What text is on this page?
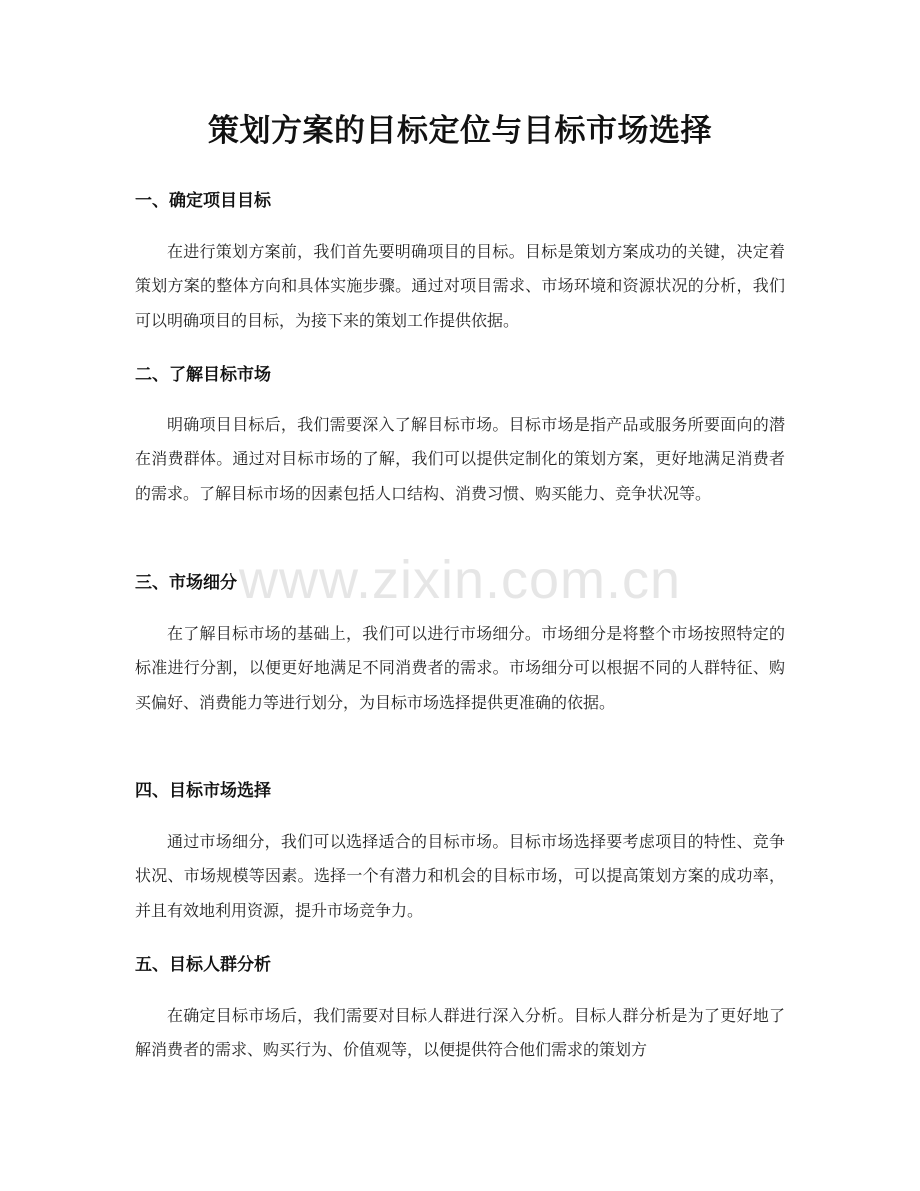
策划方案的目标定位与目标市场选择
一、确定项目目标

在进行策划方案前，我们首先要明确项目的目标。目标是策划方案成功的关键，决定着策划方案的整体方向和具体实施步骤。通过对项目需求、市场环境和资源状况的分析，我们可以明确项目的目标，为接下来的策划工作提供依据。

二、了解目标市场

明确项目目标后，我们需要深入了解目标市场。目标市场是指产品或服务所要面向的潜在消费群体。通过对目标市场的了解，我们可以提供定制化的策划方案，更好地满足消费者的需求。了解目标市场的因素包括人口结构、消费习惯、购买能力、竞争状况等。

三、市场细分

在了解目标市场的基础上，我们可以进行市场细分。市场细分是将整个市场按照特定的标准进行分割，以便更好地满足不同消费者的需求。市场细分可以根据不同的人群特征、购买偏好、消费能力等进行划分，为目标市场选择提供更准确的依据。

四、目标市场选择

通过市场细分，我们可以选择适合的目标市场。目标市场选择要考虑项目的特性、竞争状况、市场规模等因素。选择一个有潜力和机会的目标市场，可以提高策划方案的成功率，并且有效地利用资源，提升市场竞争力。

五、目标人群分析

在确定目标市场后，我们需要对目标人群进行深入分析。目标人群分析是为了更好地了解消费者的需求、购买行为、价值观等，以便提供符合他们需求的策划方

www.zixin.com.cn
